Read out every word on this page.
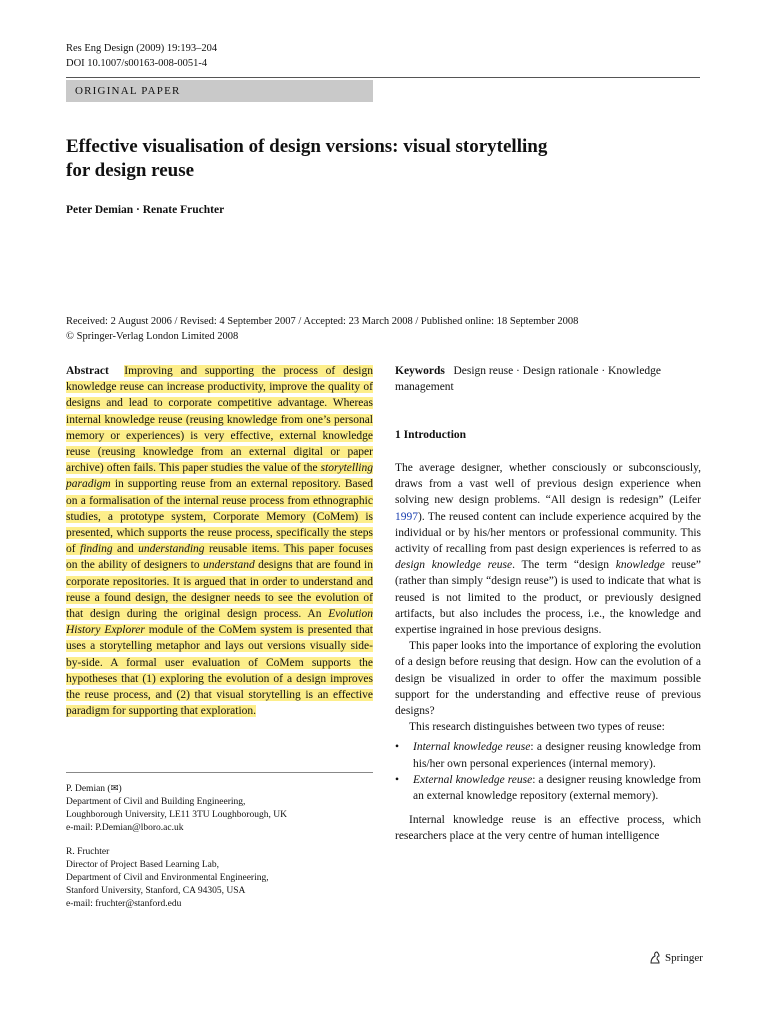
Res Eng Design (2009) 19:193–204
DOI 10.1007/s00163-008-0051-4
ORIGINAL PAPER
Effective visualisation of design versions: visual storytelling
for design reuse
Peter Demian · Renate Fruchter
Received: 2 August 2006 / Revised: 4 September 2007 / Accepted: 23 March 2008 / Published online: 18 September 2008
© Springer-Verlag London Limited 2008
Abstract Improving and supporting the process of design knowledge reuse can increase productivity, improve the quality of designs and lead to corporate competitive advantage. Whereas internal knowledge reuse (reusing knowledge from one’s personal memory or experiences) is very effective, external knowledge reuse (reusing knowledge from an external digital or paper archive) often fails. This paper studies the value of the storytelling paradigm in supporting reuse from an external repository. Based on a formalisation of the internal reuse process from ethnographic studies, a prototype system, Corporate Memory (CoMem) is presented, which supports the reuse process, specifically the steps of finding and understanding reusable items. This paper focuses on the ability of designers to understand designs that are found in corporate repositories. It is argued that in order to understand and reuse a found design, the designer needs to see the evolution of that design during the original design process. An Evolution History Explorer module of the CoMem system is presented that uses a storytelling metaphor and lays out versions visually side-by-side. A formal user evaluation of CoMem supports the hypotheses that (1) exploring the evolution of a design improves the reuse process, and (2) that visual storytelling is an effective paradigm for supporting that exploration.
P. Demian (✉)
Department of Civil and Building Engineering,
Loughborough University, LE11 3TU Loughborough, UK
e-mail: P.Demian@lboro.ac.uk
R. Fruchter
Director of Project Based Learning Lab,
Department of Civil and Environmental Engineering,
Stanford University, Stanford, CA 94305, USA
e-mail: fruchter@stanford.edu
Keywords Design reuse · Design rationale · Knowledge management
1 Introduction

The average designer, whether consciously or subconsciously, draws from a vast well of previous design experience when solving new design problems. “All design is redesign” (Leifer 1997). The reused content can include experience acquired by the individual or by his/her mentors or professional community. This activity of recalling from past design experiences is referred to as design knowledge reuse. The term “design knowledge reuse” (rather than simply “design reuse”) is used to indicate that what is reused is not limited to the product, or previously designed artifacts, but also includes the process, i.e., the knowledge and expertise ingrained in hose previous designs.

This paper looks into the importance of exploring the evolution of a design before reusing that design. How can the evolution of a design be visualized in order to offer the maximum possible support for the understanding and effective reuse of previous designs?

This research distinguishes between two types of reuse:

• Internal knowledge reuse: a designer reusing knowledge from his/her own personal experiences (internal memory).
• External knowledge reuse: a designer reusing knowledge from an external knowledge repository (external memory).

Internal knowledge reuse is an effective process, which researchers place at the very centre of human intelligence

Springer
